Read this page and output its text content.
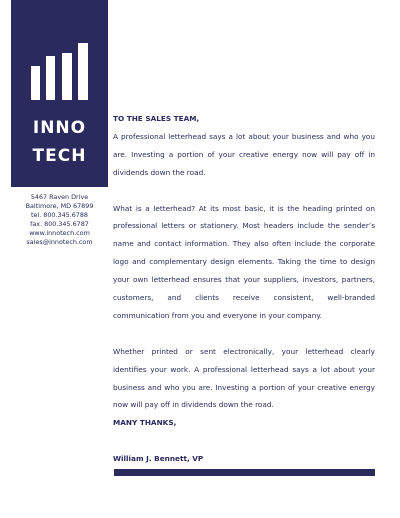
INNO
TECH
5467 Raven Drive
Baltimore, MD 67899
tel. 800.345.6788
fax. 800.345.6787
www.innotech.com
sales@innotech.com
TO THE SALES TEAM,

A professional letterhead says a lot about your business and who you are. Investing a portion of your creative energy now will pay off in dividends down the road.

What is a letterhead? At its most basic, it is the heading printed on professional letters or stationery. Most headers include the sender’s name and contact information. They also often include the corporate logo and complementary design elements. Taking the time to design your own letterhead ensures that your suppliers, investors, partners, customers, and clients receive consistent, well-branded communication from you and everyone in your company.

Whether printed or sent electronically, your letterhead clearly identifies your work. A professional letterhead says a lot about your business and who you are. Investing a portion of your creative energy now will pay off in dividends down the road.

MANY THANKS,
William J. Bennett, VP
